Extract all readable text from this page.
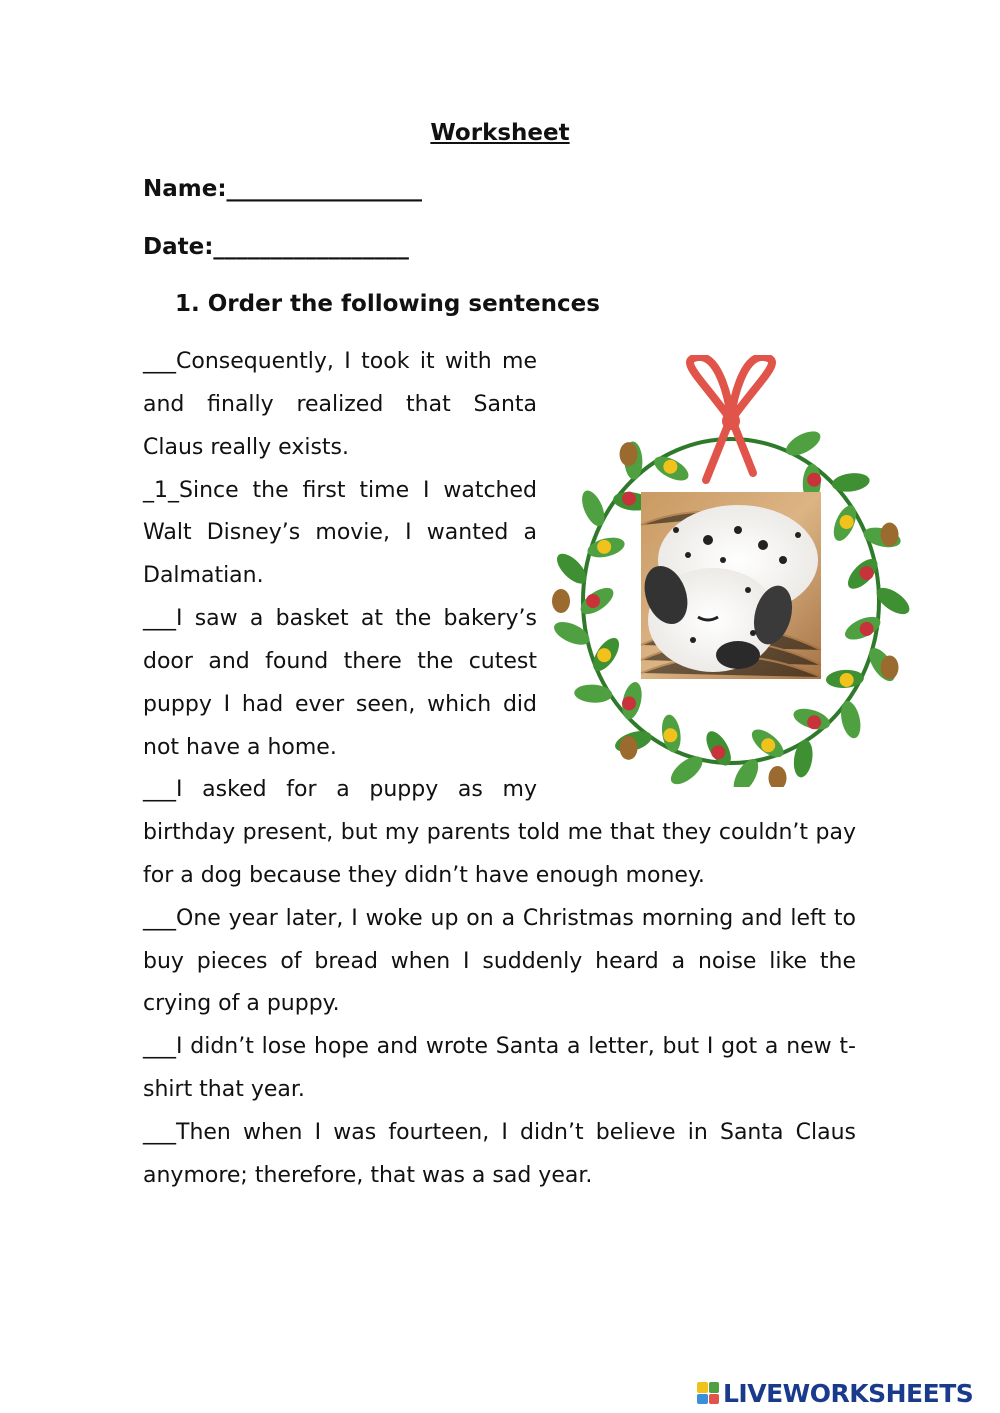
Worksheet
Name:_________________
Date:_________________
1. Order the following sentences

___Consequently, I took it with me and finally realized that Santa Claus really exists.

_1_Since the first time I watched Walt Disney’s movie, I wanted a Dalmatian.

___I saw a basket at the bakery’s door and found there the cutest puppy I had ever seen, which did not have a home.

___I asked for a puppy as my

birthday present, but my parents told me that they couldn’t pay for a dog because they didn’t have enough money.

___One year later, I woke up on a Christmas morning and left to buy pieces of bread when I suddenly heard a noise like the crying of a puppy.

___I didn’t lose hope and wrote Santa a letter, but I got a new t-shirt that year.

___Then when I was fourteen, I didn’t believe in Santa Claus anymore; therefore, that was a sad year.

LIVEWORKSHEETS
